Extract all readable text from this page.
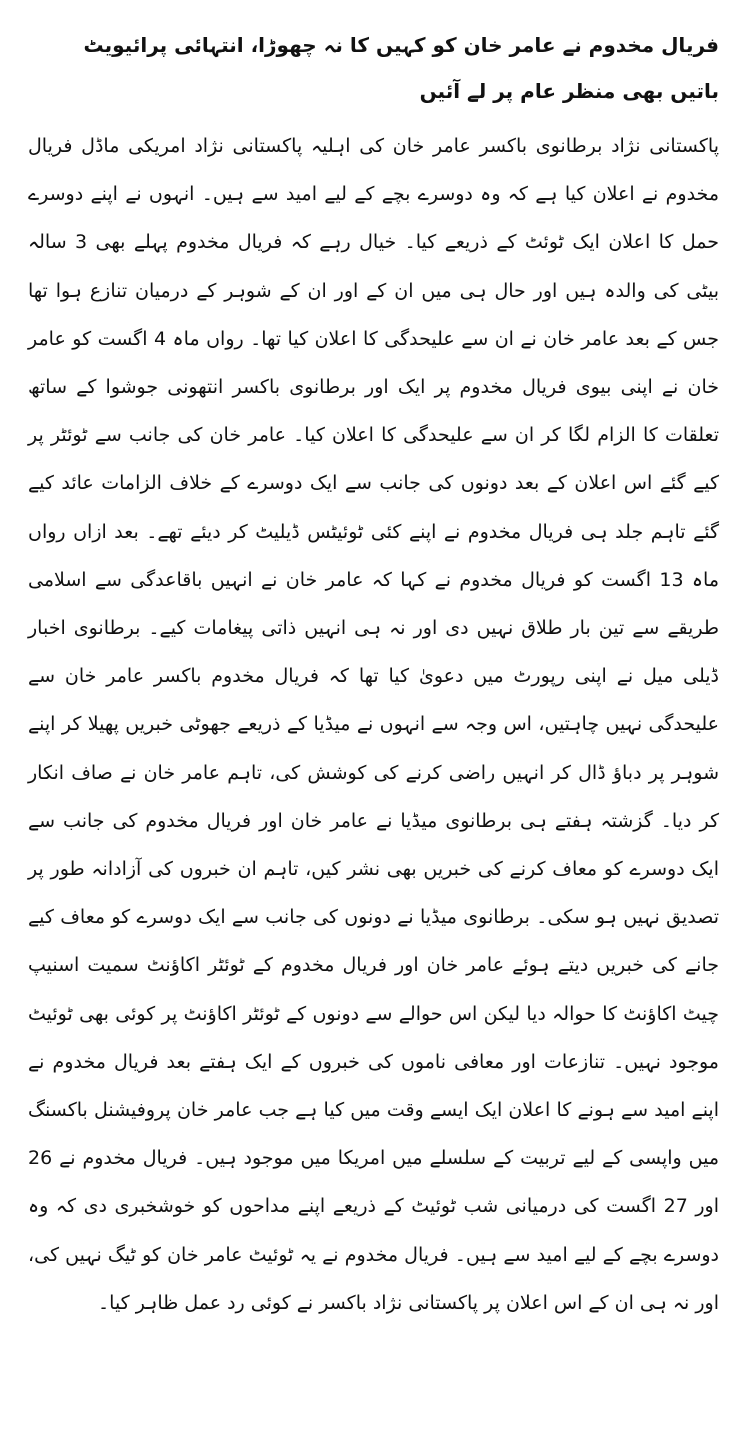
فریال مخدوم نے عامر خان کو کہیں کا نہ چھوڑا، انتہائی پرائیویٹ باتیں بھی منظر عام پر لے آئیں

پاکستانی نژاد برطانوی باکسر عامر خان کی اہلیہ پاکستانی نژاد امریکی ماڈل فریال مخدوم نے اعلان کیا ہے کہ وہ دوسرے بچے کے لیے امید سے ہیں۔ انہوں نے اپنے دوسرے حمل کا اعلان ایک ٹوئٹ کے ذریعے کیا۔ خیال رہے کہ فریال مخدوم پہلے بھی 3 سالہ بیٹی کی والدہ ہیں اور حال ہی میں ان کے اور ان کے شوہر کے درمیان تنازع ہوا تھا جس کے بعد عامر خان نے ان سے علیحدگی کا اعلان کیا تھا۔ رواں ماہ 4 اگست کو عامر خان نے اپنی بیوی فریال مخدوم پر ایک اور برطانوی باکسر انتھونی جوشوا کے ساتھ تعلقات کا الزام لگا کر ان سے علیحدگی کا اعلان کیا۔ عامر خان کی جانب سے ٹوئٹر پر کیے گئے اس اعلان کے بعد دونوں کی جانب سے ایک دوسرے کے خلاف الزامات عائد کیے گئے تاہم جلد ہی فریال مخدوم نے اپنے کئی ٹوئیٹس ڈیلیٹ کر دیئے تھے۔ بعد ازاں رواں ماہ 13 اگست کو فریال مخدوم نے کہا کہ عامر خان نے انہیں باقاعدگی سے اسلامی طریقے سے تین بار طلاق نہیں دی اور نہ ہی انہیں ذاتی پیغامات کیے۔ برطانوی اخبار ڈیلی میل نے اپنی رپورٹ میں دعویٰ کیا تھا کہ فریال مخدوم باکسر عامر خان سے علیحدگی نہیں چاہتیں، اس وجہ سے انہوں نے میڈیا کے ذریعے جھوٹی خبریں پھیلا کر اپنے شوہر پر دباؤ ڈال کر انہیں راضی کرنے کی کوشش کی، تاہم عامر خان نے صاف انکار کر دیا۔ گزشتہ ہفتے ہی برطانوی میڈیا نے عامر خان اور فریال مخدوم کی جانب سے ایک دوسرے کو معاف کرنے کی خبریں بھی نشر کیں، تاہم ان خبروں کی آزادانہ طور پر تصدیق نہیں ہو سکی۔ برطانوی میڈیا نے دونوں کی جانب سے ایک دوسرے کو معاف کیے جانے کی خبریں دیتے ہوئے عامر خان اور فریال مخدوم کے ٹوئٹر اکاؤنٹ سمیت اسنیپ چیٹ اکاؤنٹ کا حوالہ دیا لیکن اس حوالے سے دونوں کے ٹوئٹر اکاؤنٹ پر کوئی بھی ٹوئیٹ موجود نہیں۔ تنازعات اور معافی ناموں کی خبروں کے ایک ہفتے بعد فریال مخدوم نے اپنے امید سے ہونے کا اعلان ایک ایسے وقت میں کیا ہے جب عامر خان پروفیشنل باکسنگ میں واپسی کے لیے تربیت کے سلسلے میں امریکا میں موجود ہیں۔ فریال مخدوم نے 26 اور 27 اگست کی درمیانی شب ٹوئیٹ کے ذریعے اپنے مداحوں کو خوشخبری دی کہ وہ دوسرے بچے کے لیے امید سے ہیں۔ فریال مخدوم نے یہ ٹوئیٹ عامر خان کو ٹیگ نہیں کی، اور نہ ہی ان کے اس اعلان پر پاکستانی نژاد باکسر نے کوئی رد عمل ظاہر کیا۔
